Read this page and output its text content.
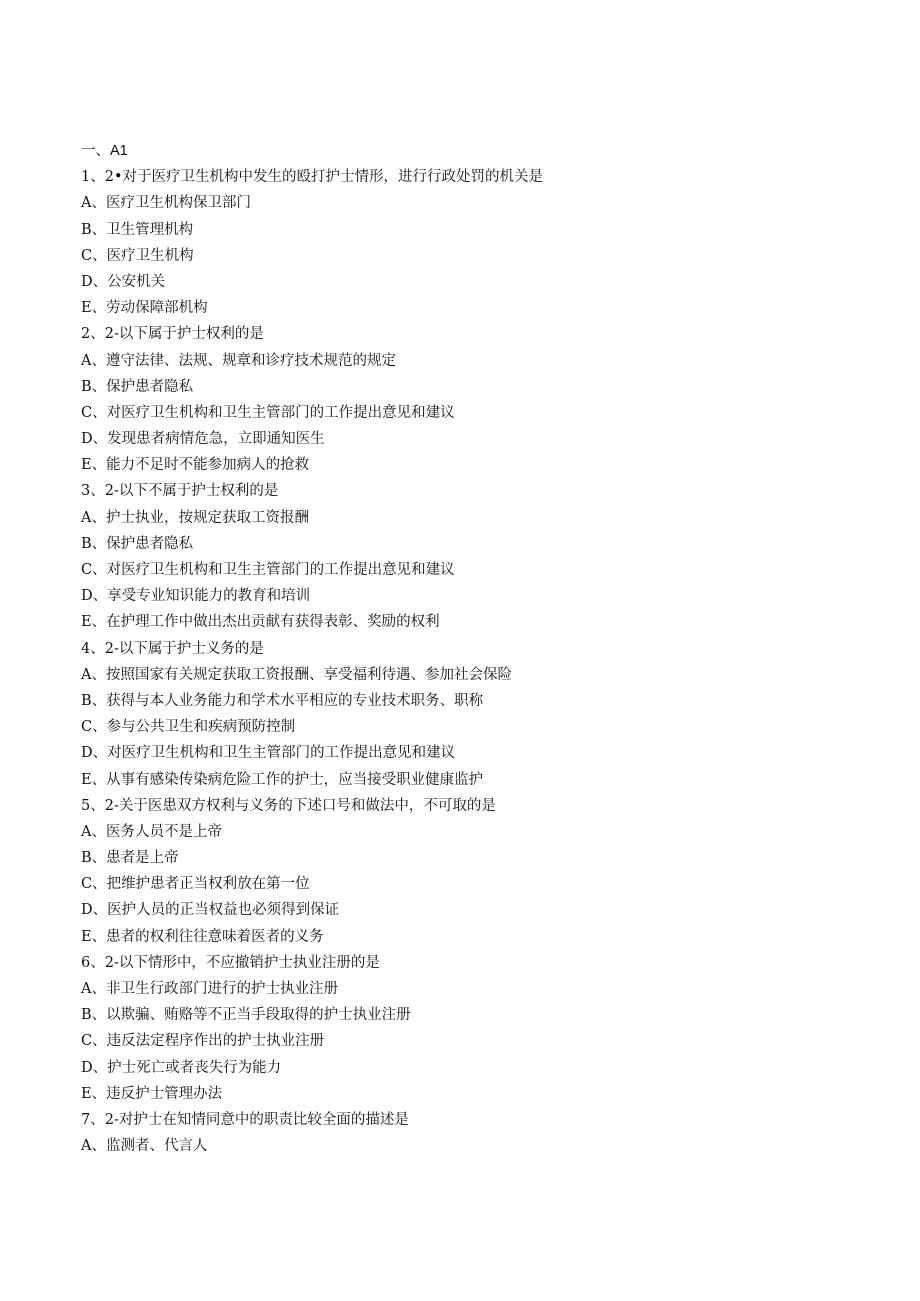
一、A1
1、2•对于医疗卫生机构中发生的殴打护士情形，进行行政处罚的机关是
A、医疗卫生机构保卫部门
B、卫生管理机构
C、医疗卫生机构
D、公安机关
E、劳动保障部机构
2、2-以下属于护士权利的是
A、遵守法律、法规、规章和诊疗技术规范的规定
B、保护患者隐私
C、对医疗卫生机构和卫生主管部门的工作提出意见和建议
D、发现患者病情危急，立即通知医生
E、能力不足时不能参加病人的抢救
3、2-以下不属于护士权利的是
A、护士执业，按规定获取工资报酬
B、保护患者隐私
C、对医疗卫生机构和卫生主管部门的工作提出意见和建议
D、享受专业知识能力的教育和培训
E、在护理工作中做出杰出贡献有获得表彰、奖励的权利
4、2-以下属于护士义务的是
A、按照国家有关规定获取工资报酬、享受福利待遇、参加社会保险
B、获得与本人业务能力和学术水平相应的专业技术职务、职称
C、参与公共卫生和疾病预防控制
D、对医疗卫生机构和卫生主管部门的工作提出意见和建议
E、从事有感染传染病危险工作的护士，应当接受职业健康监护
5、2-关于医患双方权利与义务的下述口号和做法中，不可取的是
A、医务人员不是上帝
B、患者是上帝
C、把维护患者正当权利放在第一位
D、医护人员的正当权益也必须得到保证
E、患者的权利往往意味着医者的义务
6、2-以下情形中，不应撤销护士执业注册的是
A、非卫生行政部门进行的护士执业注册
B、以欺骗、贿赂等不正当手段取得的护士执业注册
C、违反法定程序作出的护士执业注册
D、护士死亡或者丧失行为能力
E、违反护士管理办法
7、2-对护士在知情同意中的职责比较全面的描述是
A、监测者、代言人
